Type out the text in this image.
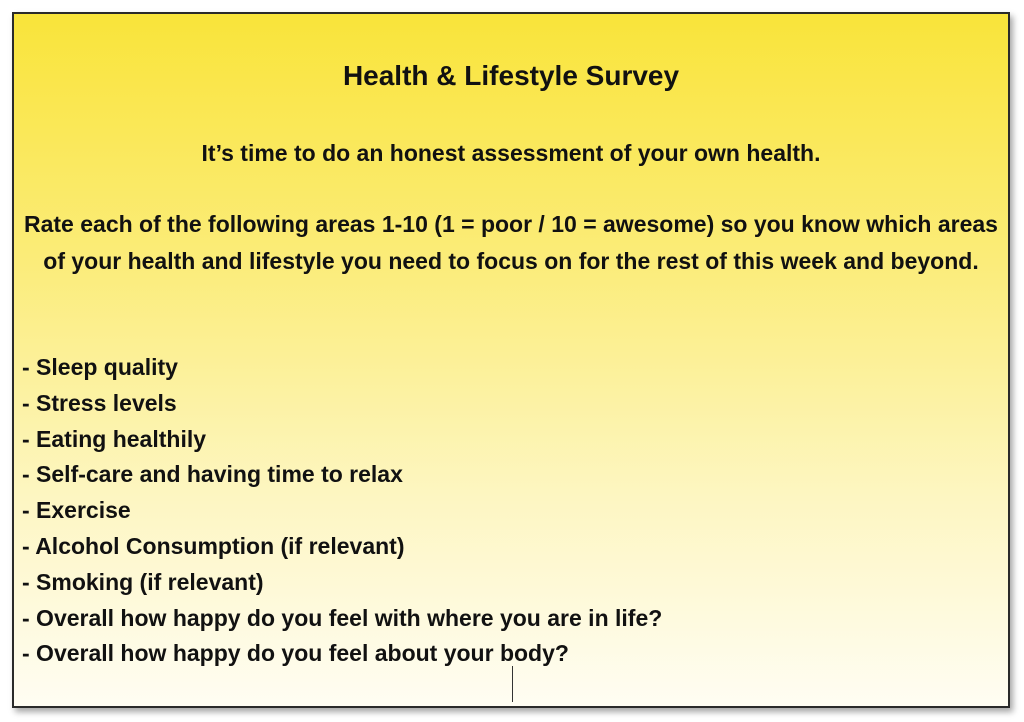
Health & Lifestyle Survey

It’s time to do an honest assessment of your own health.

Rate each of the following areas 1-10 (1 = poor / 10 = awesome) so you know which areas of your health and lifestyle you need to focus on for the rest of this week and beyond.

- Sleep quality
- Stress levels
- Eating healthily
- Self-care and having time to relax
- Exercise
- Alcohol Consumption (if relevant)
- Smoking (if relevant)
- Overall how happy do you feel with where you are in life?
- Overall how happy do you feel about your body?
